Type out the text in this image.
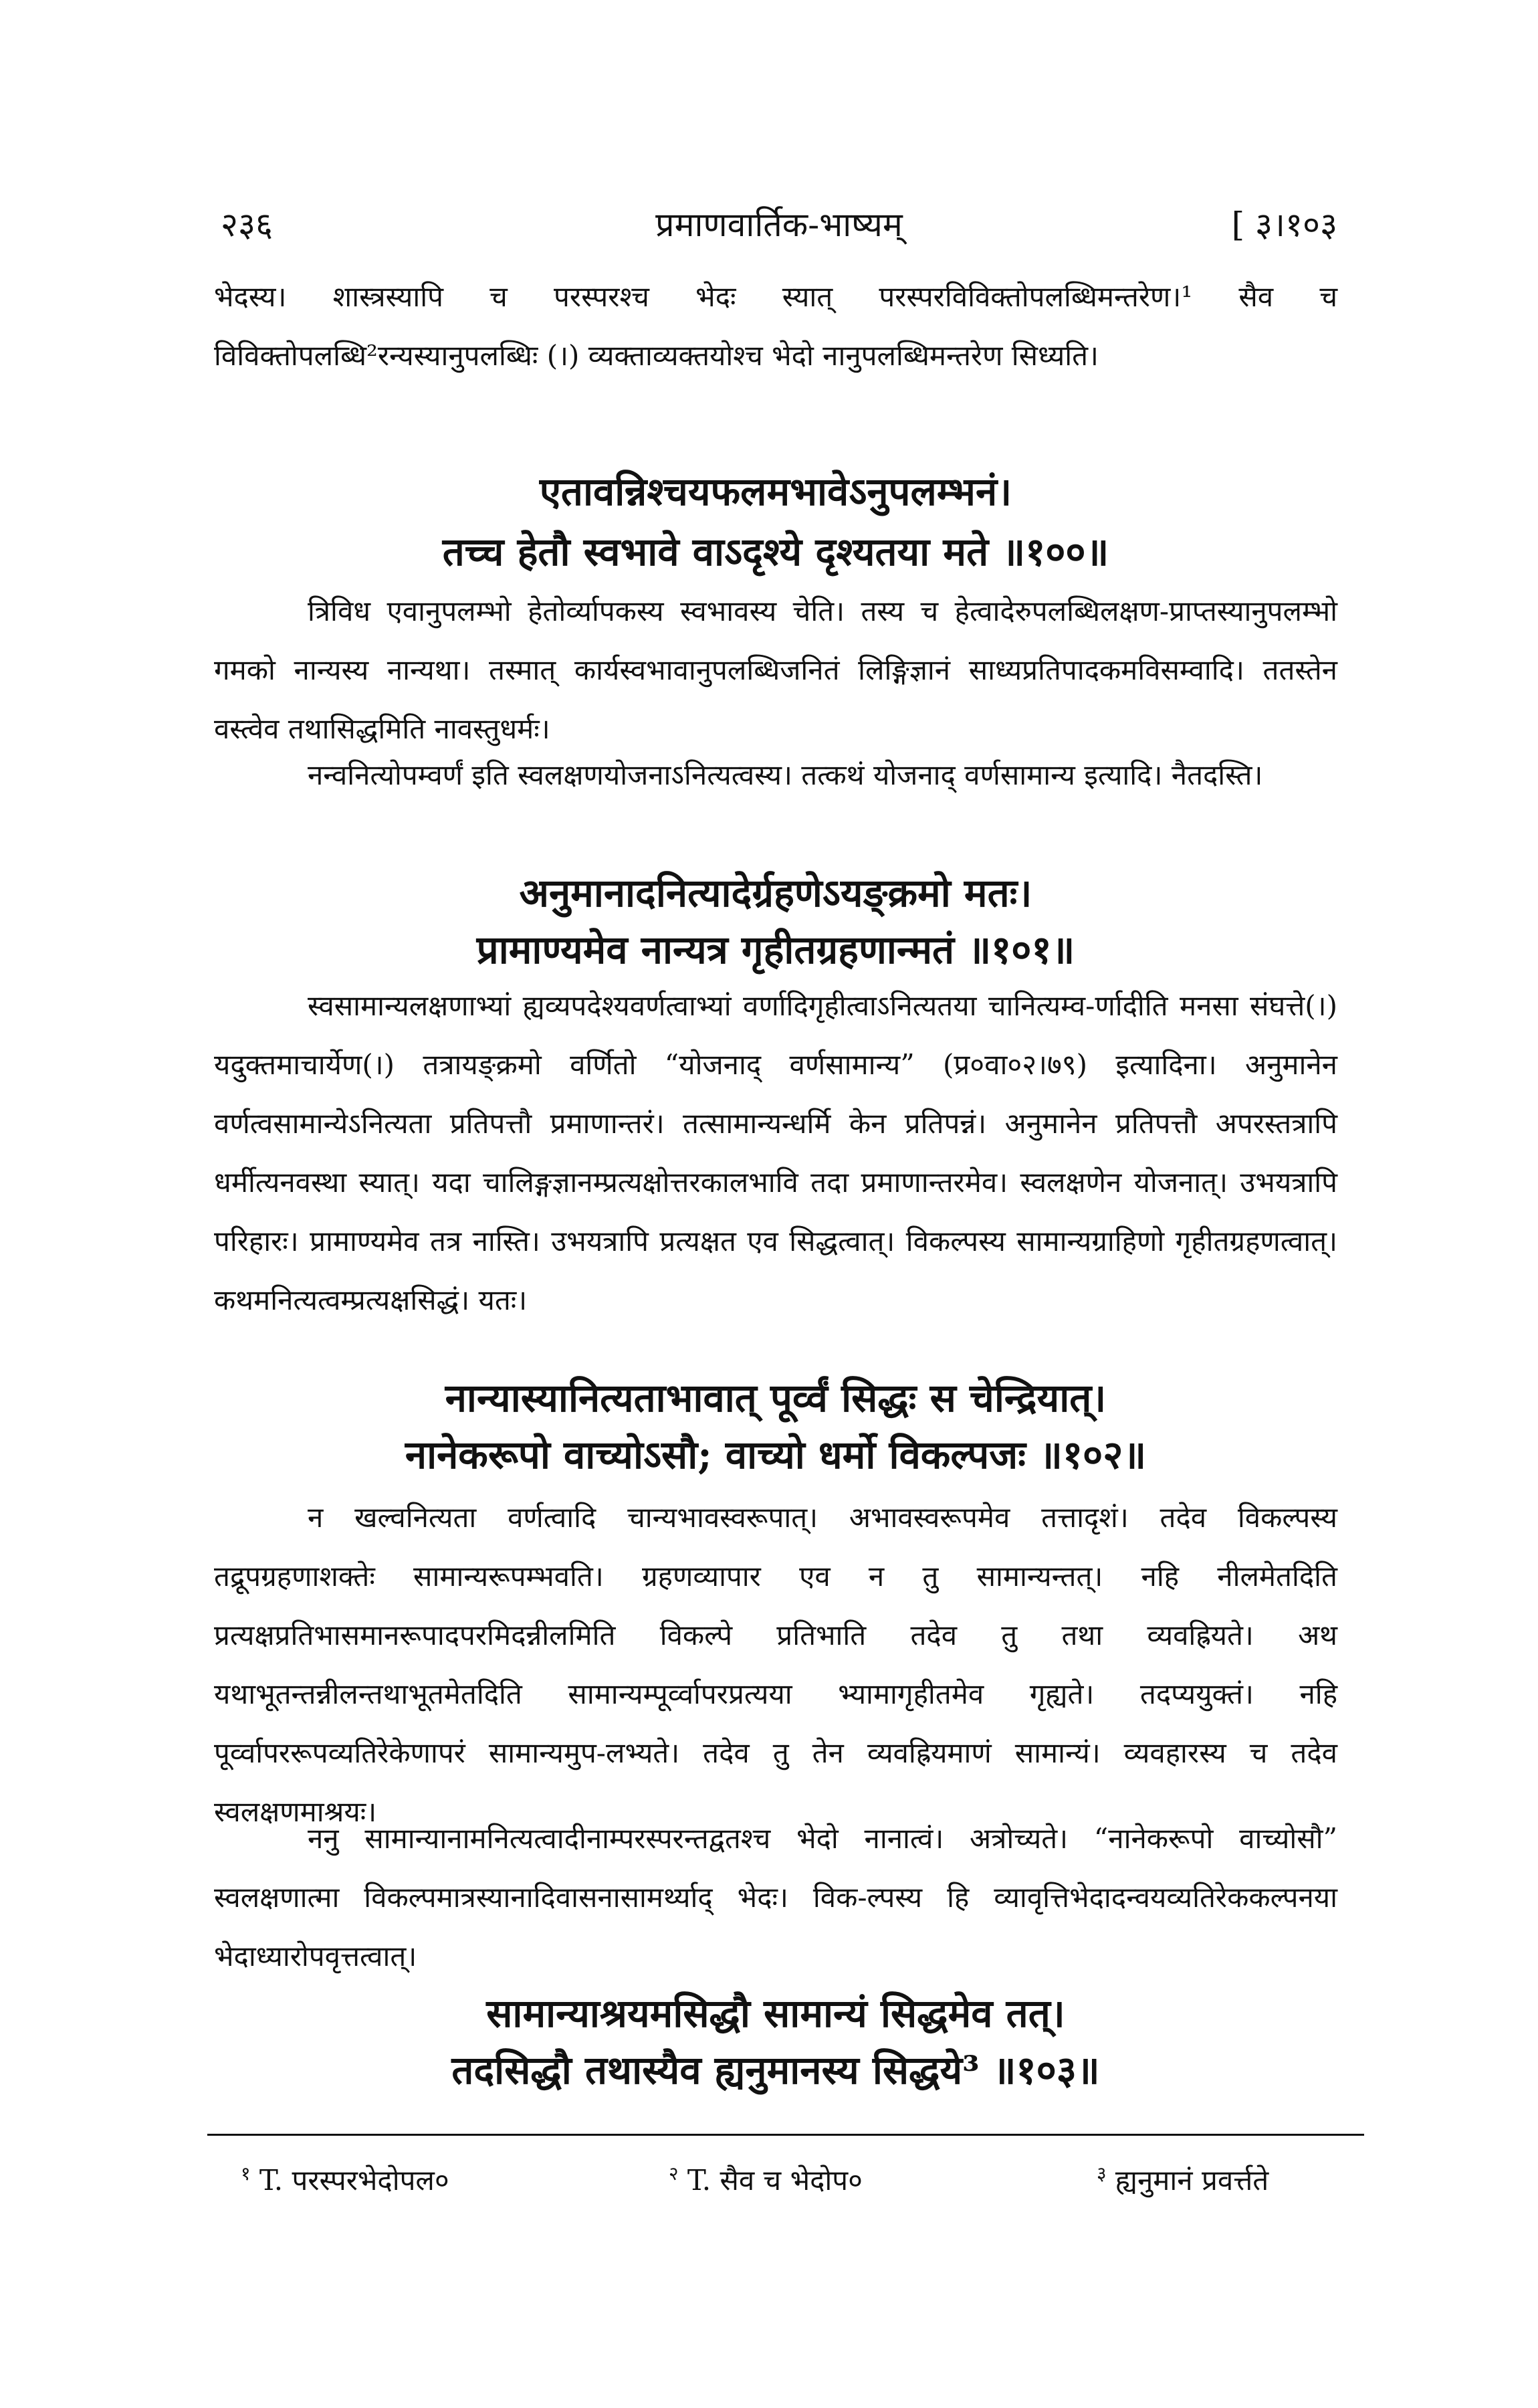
२३६	प्रमाणवार्तिक-भाष्यम्	[ ३।१०३

भेदस्य। शास्त्रस्यापि च परस्परश्च भेदः स्यात् परस्परविविक्तोपलब्धिमन्तरेण।¹ सैव च विविक्तोपलब्धि²रन्यस्यानुपलब्धिः (।) व्यक्ताव्यक्तयोश्च भेदो नानुपलब्धिमन्तरेण सिध्यति।

एतावन्निश्चयफलमभावेऽनुपलम्भनं।
तच्च हेतौ स्वभावे वाऽदृश्ये दृश्यतया मते ॥१००॥

त्रिविध एवानुपलम्भो हेतोर्व्यापकस्य स्वभावस्य चेति। तस्य च हेत्वादेरुपलब्धिलक्षण-प्राप्तस्यानुपलम्भो गमको नान्यस्य नान्यथा। तस्मात् कार्यस्वभावानुपलब्धिजनितं लिङ्गिज्ञानं साध्यप्रतिपादकमविसम्वादि। ततस्तेन वस्त्वेव तथासिद्धमिति नावस्तुधर्मः।

नन्वनित्योपम्वर्णं इति स्वलक्षणयोजनाऽनित्यत्वस्य। तत्कथं योजनाद् वर्णसामान्य इत्यादि। नैतदस्ति।

अनुमानादनित्यादेर्ग्रहणेऽयङ्क्रमो मतः।
प्रामाण्यमेव नान्यत्र गृहीतग्रहणान्मतं ॥१०१॥

स्वसामान्यलक्षणाभ्यां ह्यव्यपदेश्यवर्णत्वाभ्यां वर्णादिगृहीत्वाऽनित्यतया चानित्यम्व-र्णादीति मनसा संघत्ते(।) यदुक्तमाचार्येण(।) तत्रायङ्क्रमो वर्णितो “योजनाद् वर्णसामान्य” (प्र०वा०२।७९) इत्यादिना। अनुमानेन वर्णत्वसामान्येऽनित्यता प्रतिपत्तौ प्रमाणान्तरं। तत्सामान्यन्धर्मि केन प्रतिपन्नं। अनुमानेन प्रतिपत्तौ अपरस्तत्रापि धर्मीत्यनवस्था स्यात्। यदा चालिङ्गज्ञानम्प्रत्यक्षोत्तरकालभावि तदा प्रमाणान्तरमेव। स्वलक्षणेन योजनात्। उभयत्रापि परिहारः। प्रामाण्यमेव तत्र नास्ति। उभयत्रापि प्रत्यक्षत एव सिद्धत्वात्। विकल्पस्य सामान्यग्राहिणो गृहीतग्रहणत्वात्। कथमनित्यत्वम्प्रत्यक्षसिद्धं। यतः।

नान्यास्यानित्यताभावात् पूर्व्वं सिद्धः स चेन्द्रियात्।
नानेकरूपो वाच्योऽसौ; वाच्यो धर्मो विकल्पजः ॥१०२॥

न खल्वनित्यता वर्णत्वादि चान्यभावस्वरूपात्। अभावस्वरूपमेव तत्तादृशं। तदेव विकल्पस्य तद्रूपग्रहणाशक्तेः सामान्यरूपम्भवति। ग्रहणव्यापार एव न तु सामान्यन्तत्। नहि नीलमेतदिति प्रत्यक्षप्रतिभासमानरूपादपरमिदन्नीलमिति विकल्पे प्रतिभाति तदेव तु तथा व्यवह्रियते। अथ यथाभूतन्तन्नीलन्तथाभूतमेतदिति सामान्यम्पूर्व्वापरप्रत्यया भ्यामागृहीतमेव गृह्यते। तदप्ययुक्तं। नहि पूर्व्वापररूपव्यतिरेकेणापरं सामान्यमुप-लभ्यते। तदेव तु तेन व्यवह्रियमाणं सामान्यं। व्यवहारस्य च तदेव स्वलक्षणमाश्रयः।

ननु सामान्यानामनित्यत्वादीनाम्परस्परन्तद्वतश्च भेदो नानात्वं। अत्रोच्यते। “नानेकरूपो वाच्योसौ” स्वलक्षणात्मा विकल्पमात्रस्यानादिवासनासामर्थ्याद् भेदः। विक-ल्पस्य हि व्यावृत्तिभेदादन्वयव्यतिरेककल्पनया भेदाध्यारोपवृत्तत्वात्।

सामान्याश्रयमसिद्धौ सामान्यं सिद्धमेव तत्।
तदसिद्धौ तथास्यैव ह्यनुमानस्य सिद्धये³ ॥१०३॥
$^१$ T. परस्परभेदोपल०	$^२$ T. सैव च भेदोप०	$^३$ ह्यनुमानं प्रवर्त्तते
